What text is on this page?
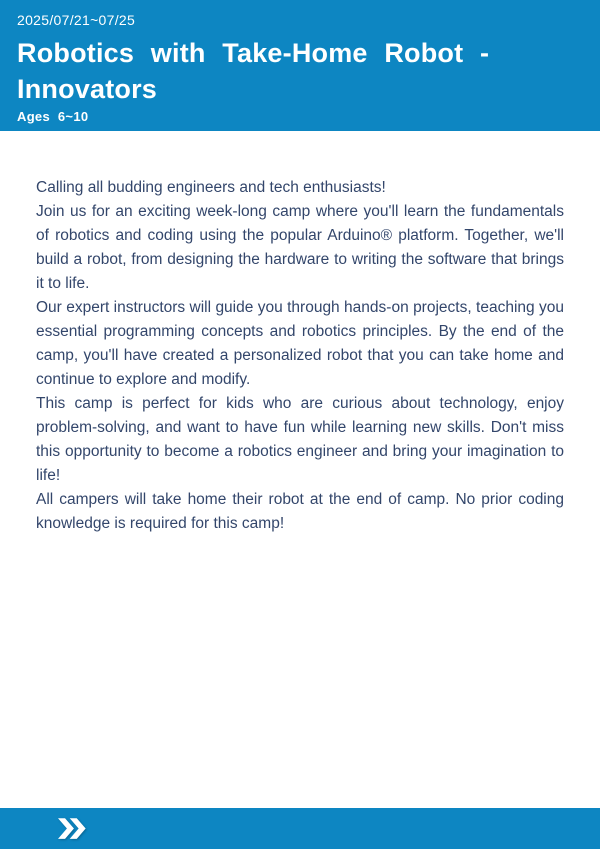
2025/07/21~07/25
Robotics with Take-Home Robot - Innovators
Ages 6~10

Calling all budding engineers and tech enthusiasts!

Join us for an exciting week-long camp where you'll learn the fundamentals of robotics and coding using the popular Arduino® platform. Together, we'll build a robot, from designing the hardware to writing the software that brings it to life.

Our expert instructors will guide you through hands-on projects, teaching you essential programming concepts and robotics principles. By the end of the camp, you'll have created a personalized robot that you can take home and continue to explore and modify.

This camp is perfect for kids who are curious about technology, enjoy problem-solving, and want to have fun while learning new skills. Don't miss this opportunity to become a robotics engineer and bring your imagination to life!

All campers will take home their robot at the end of camp. No prior coding knowledge is required for this camp!
